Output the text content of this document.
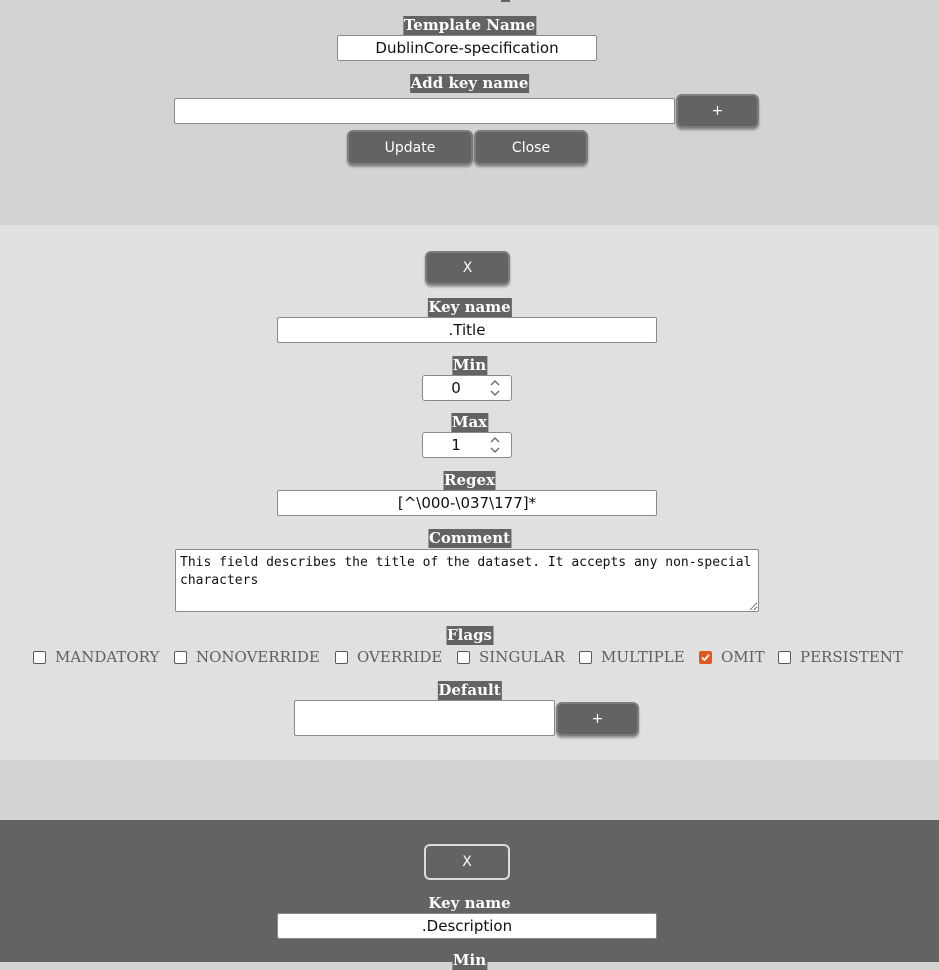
Template Name
DublinCore-specification
Add key name
+
Update	Close
X
Key name
.Title
Min
0
Max
1
Regex
[^\000-\037\177]*
Comment
This field describes the title of the dataset. It accepts any non-special characters
Flags
MANDATORY NONOVERRIDE OVERRIDE SINGULAR MULTIPLE OMIT PERSISTENT
Default
+
X
Key name
.Description
Min
